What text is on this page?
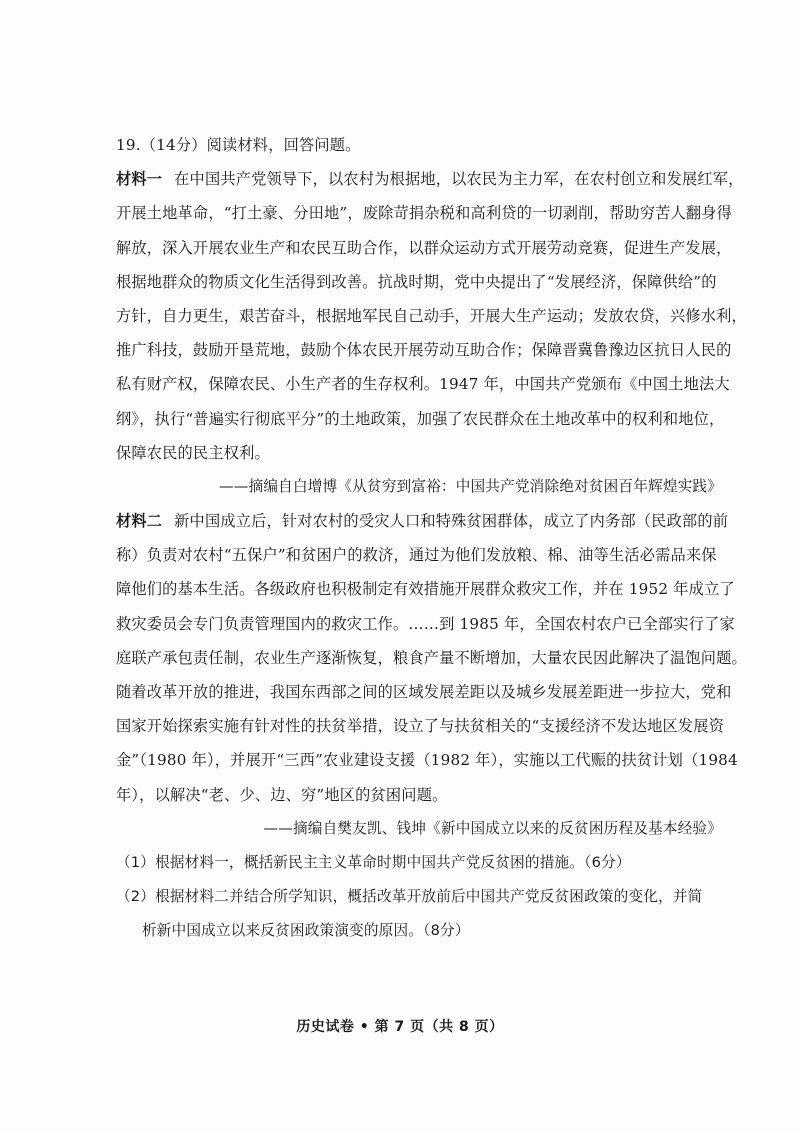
19.（14分）阅读材料，回答问题。
材料一 在中国共产党领导下，以农村为根据地，以农民为主力军，在农村创立和发展红军，
开展土地革命，“打土豪、分田地”，废除苛捐杂税和高利贷的一切剥削，帮助穷苦人翻身得
解放，深入开展农业生产和农民互助合作，以群众运动方式开展劳动竞赛，促进生产发展，
根据地群众的物质文化生活得到改善。抗战时期，党中央提出了“发展经济，保障供给”的
方针，自力更生，艰苦奋斗，根据地军民自己动手，开展大生产运动；发放农贷，兴修水利，
推广科技，鼓励开垦荒地，鼓励个体农民开展劳动互助合作；保障晋冀鲁豫边区抗日人民的
私有财产权，保障农民、小生产者的生存权利。1947 年，中国共产党颁布《中国土地法大
纲》，执行“普遍实行彻底平分”的土地政策，加强了农民群众在土地改革中的权利和地位，
保障农民的民主权利。
——摘编自白增博《从贫穷到富裕：中国共产党消除绝对贫困百年辉煌实践》
材料二 新中国成立后，针对农村的受灾人口和特殊贫困群体，成立了内务部（民政部的前
称）负责对农村“五保户”和贫困户的救济，通过为他们发放粮、棉、油等生活必需品来保
障他们的基本生活。各级政府也积极制定有效措施开展群众救灾工作，并在 1952 年成立了
救灾委员会专门负责管理国内的救灾工作。……到 1985 年，全国农村农户已全部实行了家
庭联产承包责任制，农业生产逐渐恢复，粮食产量不断增加，大量农民因此解决了温饱问题。
随着改革开放的推进，我国东西部之间的区域发展差距以及城乡发展差距进一步拉大，党和
国家开始探索实施有针对性的扶贫举措，设立了与扶贫相关的“支援经济不发达地区发展资
金”（1980 年），并展开“三西”农业建设支援（1982 年），实施以工代赈的扶贫计划（1984
年），以解决“老、少、边、穷”地区的贫困问题。
——摘编自樊友凯、钱坤《新中国成立以来的反贫困历程及基本经验》
（1）根据材料一，概括新民主主义革命时期中国共产党反贫困的措施。（6分）
（2）根据材料二并结合所学知识，概括改革开放前后中国共产党反贫困政策的变化，并简
析新中国成立以来反贫困政策演变的原因。（8分）
历史试卷 • 第 7 页（共 8 页）
